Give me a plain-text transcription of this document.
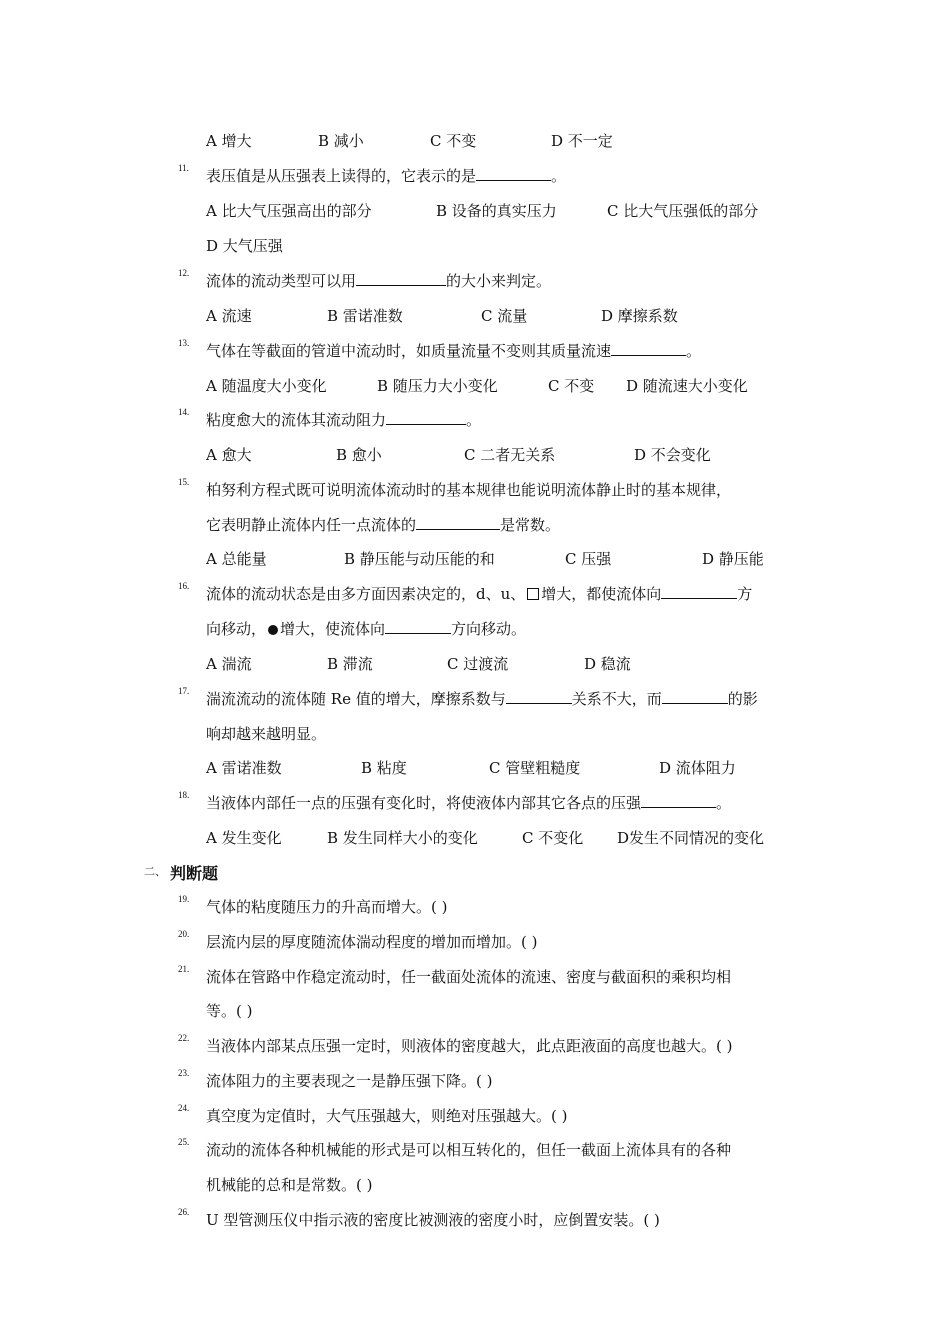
A 增大	B 减小	C 不变	D 不一定
11. 表压值是从压强表上读得的，它表示的是	。
A 比大气压强高出的部分	B 设备的真实压力	C 比大气压强低的部分
D 大气压强
12. 流体的流动类型可以用	的大小来判定。
A 流速	B 雷诺准数	C 流量	D 摩擦系数
13. 气体在等截面的管道中流动时，如质量流量不变则其质量流速	。
A 随温度大小变化	B 随压力大小变化	C 不变 D 随流速大小变化
14. 粘度愈大的流体其流动阻力	。
A 愈大	B 愈小	C 二者无关系	D 不会变化
15. 柏努利方程式既可说明流体流动时的基本规律也能说明流体静止时的基本规律，
它表明静止流体内任一点流体的	是常数。
A 总能量	B 静压能与动压能的和	C 压强	D 静压能
16. 流体的流动状态是由多方面因素决定的，d、u、 增大，都使流体向	方
向移动， 增大，使流体向	方向移动。
A 湍流	B 滞流	C 过渡流	D 稳流
17. 湍流流动的流体随 Re 值的增大，摩擦系数与	关系不大，而	的影
响却越来越明显。
A 雷诺准数	B 粘度	C 管壁粗糙度	D 流体阻力
18. 当液体内部任一点的压强有变化时，将使液体内部其它各点的压强	。
A 发生变化	B 发生同样大小的变化	C 不变化 D发生不同情况的变化
二、 判断题
19. 气体的粘度随压力的升高而增大。( )
20. 层流内层的厚度随流体湍动程度的增加而增加。( )
21. 流体在管路中作稳定流动时，任一截面处流体的流速、密度与截面积的乘积均相
等。( )
22. 当液体内部某点压强一定时，则液体的密度越大，此点距液面的高度也越大。( )
23. 流体阻力的主要表现之一是静压强下降。( )
24. 真空度为定值时，大气压强越大，则绝对压强越大。( )
25. 流动的流体各种机械能的形式是可以相互转化的，但任一截面上流体具有的各种
机械能的总和是常数。( )
26. U 型管测压仪中指示液的密度比被测液的密度小时，应倒置安装。( )
